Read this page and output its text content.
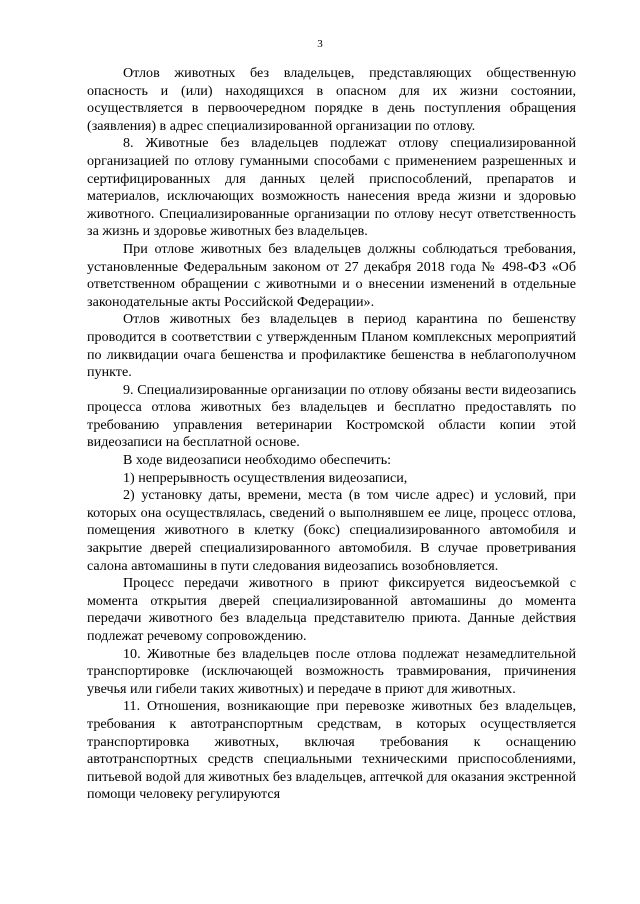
3

Отлов животных без владельцев, представляющих общественную опасность и (или) находящихся в опасном для их жизни состоянии, осуществляется в первоочередном порядке в день поступления обращения (заявления) в адрес специализированной организации по отлову.

8. Животные без владельцев подлежат отлову специализированной организацией по отлову гуманными способами с применением разрешенных и сертифицированных для данных целей приспособлений, препаратов и материалов, исключающих возможность нанесения вреда жизни и здоровью животного. Специализированные организации по отлову несут ответственность за жизнь и здоровье животных без владельцев.

При отлове животных без владельцев должны соблюдаться требования, установленные Федеральным законом от 27 декабря 2018 года № 498-ФЗ «Об ответственном обращении с животными и о внесении изменений в отдельные законодательные акты Российской Федерации».

Отлов животных без владельцев в период карантина по бешенству проводится в соответствии с утвержденным Планом комплексных мероприятий по ликвидации очага бешенства и профилактике бешенства в неблагополучном пункте.

9. Специализированные организации по отлову обязаны вести видеозапись процесса отлова животных без владельцев и бесплатно предоставлять по требованию управления ветеринарии Костромской области копии этой видеозаписи на бесплатной основе.

В ходе видеозаписи необходимо обеспечить:

1) непрерывность осуществления видеозаписи,

2) установку даты, времени, места (в том числе адрес) и условий, при которых она осуществлялась, сведений о выполнявшем ее лице, процесс отлова, помещения животного в клетку (бокс) специализированного автомобиля и закрытие дверей специализированного автомобиля. В случае проветривания салона автомашины в пути следования видеозапись возобновляется.

Процесс передачи животного в приют фиксируется видеосъемкой с момента открытия дверей специализированной автомашины до момента передачи животного без владельца представителю приюта. Данные действия подлежат речевому сопровождению.

10. Животные без владельцев после отлова подлежат незамедлительной транспортировке (исключающей возможность травмирования, причинения увечья или гибели таких животных) и передаче в приют для животных.

11. Отношения, возникающие при перевозке животных без владельцев, требования к автотранспортным средствам, в которых осуществляется транспортировка животных, включая требования к оснащению автотранспортных средств специальными техническими приспособлениями, питьевой водой для животных без владельцев, аптечкой для оказания экстренной помощи человеку регулируются
